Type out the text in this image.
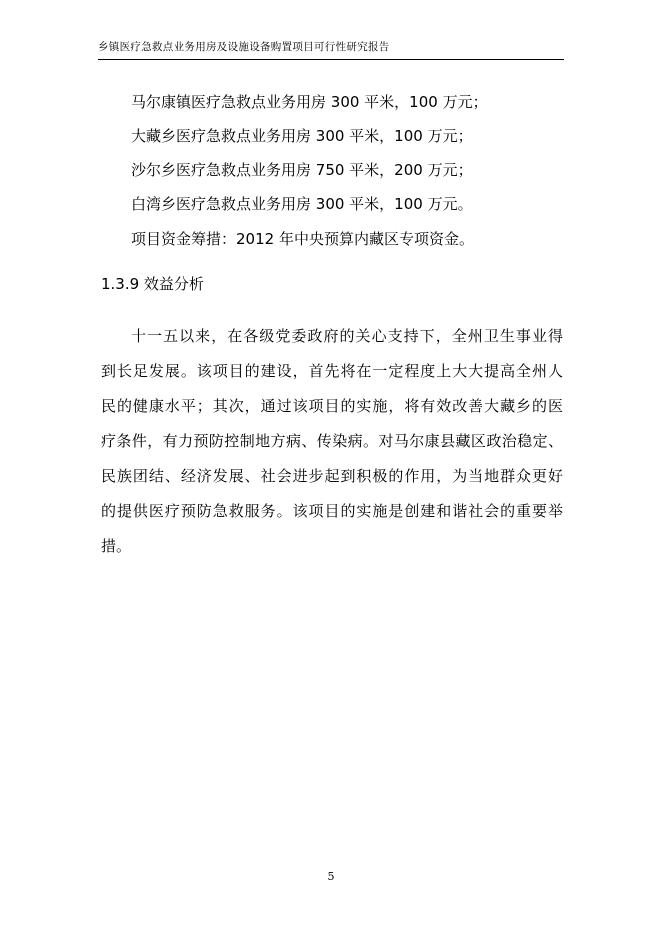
乡镇医疗急救点业务用房及设施设备购置项目可行性研究报告
马尔康镇医疗急救点业务用房 300 平米，100 万元；
大藏乡医疗急救点业务用房 300 平米，100 万元；
沙尔乡医疗急救点业务用房 750 平米，200 万元；
白湾乡医疗急救点业务用房 300 平米，100 万元。
项目资金筹措：2012 年中央预算内藏区专项资金。
1.3.9 效益分析
十一五以来，在各级党委政府的关心支持下，全州卫生事业得
到长足发展。该项目的建设，首先将在一定程度上大大提高全州人
民的健康水平；其次，通过该项目的实施，将有效改善大藏乡的医
疗条件，有力预防控制地方病、传染病。对马尔康县藏区政治稳定、
民族团结、经济发展、社会进步起到积极的作用，为当地群众更好
的提供医疗预防急救服务。该项目的实施是创建和谐社会的重要举
措。
5
